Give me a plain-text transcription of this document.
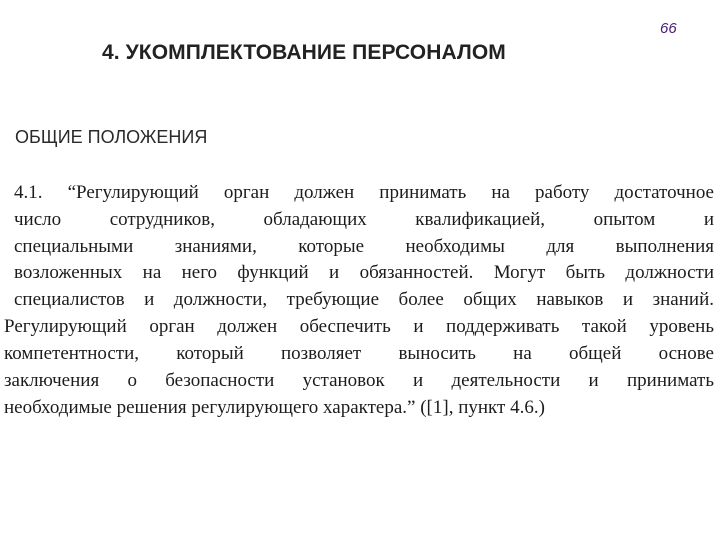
66
4. УКОМПЛЕКТОВАНИЕ ПЕРСОНАЛОМ
ОБЩИЕ ПОЛОЖЕНИЯ
4.1. “Регулирующий орган должен принимать на работу достаточное
число сотрудников, обладающих квалификацией, опытом и
специальными знаниями, которые необходимы для выполнения
возложенных на него функций и обязанностей. Могут быть должности
специалистов и должности, требующие более общих навыков и знаний.
Регулирующий орган должен обеспечить и поддерживать такой уровень
компетентности, который позволяет выносить на общей основе
заключения о безопасности установок и деятельности и принимать
необходимые решения регулирующего характера.” ([1], пункт 4.6.)
